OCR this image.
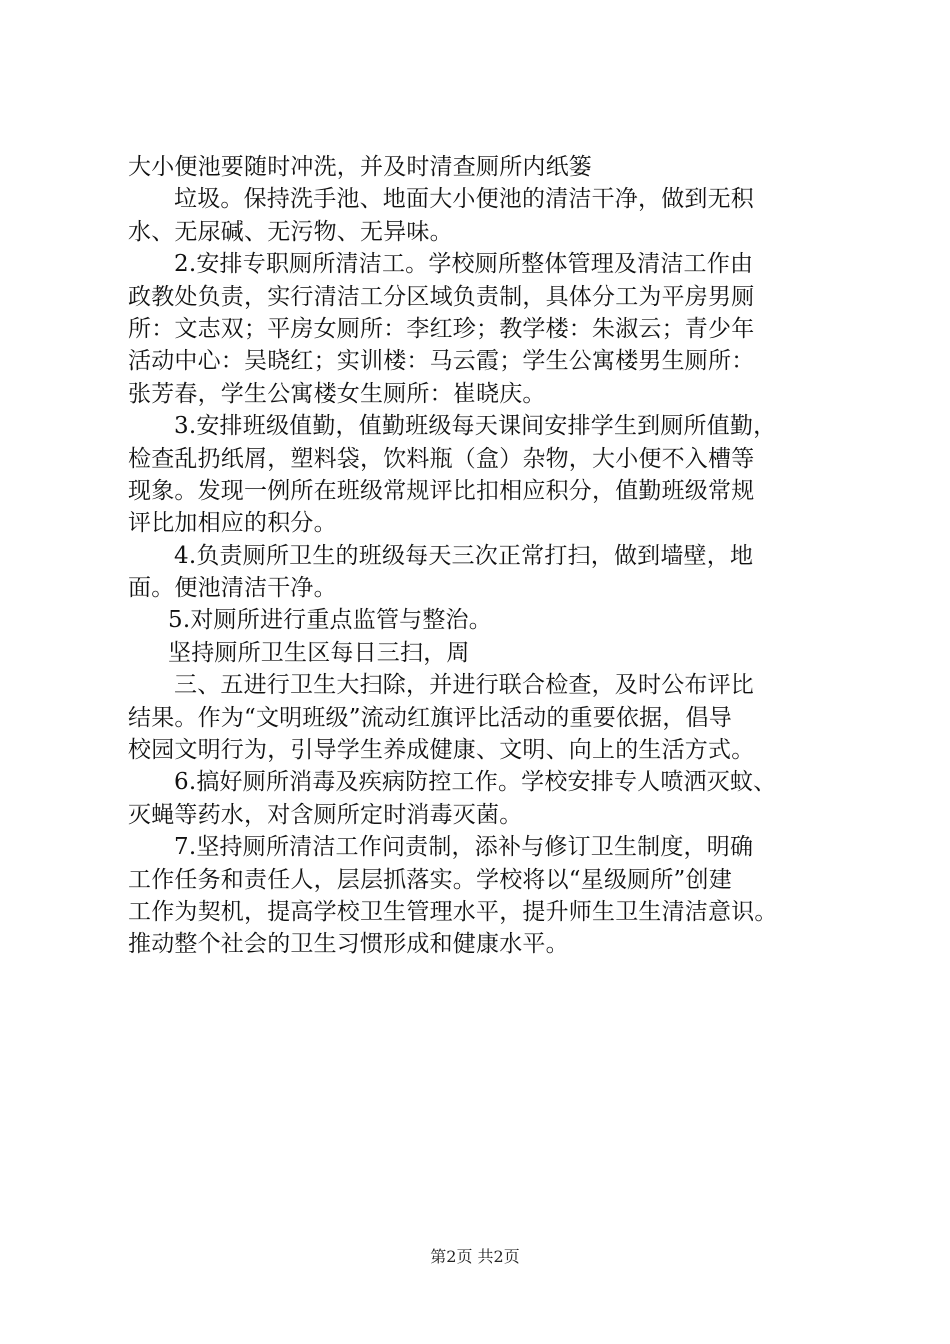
大小便池要随时冲洗，并及时清查厕所内纸篓
垃圾。保持洗手池、地面大小便池的清洁干净，做到无积
水、无尿碱、无污物、无异味。
2.安排专职厕所清洁工。学校厕所整体管理及清洁工作由
政教处负责，实行清洁工分区域负责制，具体分工为平房男厕
所：文志双；平房女厕所：李红珍；教学楼：朱淑云；青少年
活动中心：吴晓红；实训楼：马云霞；学生公寓楼男生厕所：
张芳春，学生公寓楼女生厕所：崔晓庆。
3.安排班级值勤，值勤班级每天课间安排学生到厕所值勤，
检查乱扔纸屑，塑料袋，饮料瓶（盒）杂物，大小便不入槽等
现象。发现一例所在班级常规评比扣相应积分，值勤班级常规
评比加相应的积分。
4.负责厕所卫生的班级每天三次正常打扫，做到墙壁，地
面。便池清洁干净。
5.对厕所进行重点监管与整治。
坚持厕所卫生区每日三扫，周
三、五进行卫生大扫除，并进行联合检查，及时公布评比
结果。作为“文明班级”流动红旗评比活动的重要依据，倡导
校园文明行为，引导学生养成健康、文明、向上的生活方式。
6.搞好厕所消毒及疾病防控工作。学校安排专人喷洒灭蚊、
灭蝇等药水，对含厕所定时消毒灭菌。
7.坚持厕所清洁工作问责制，添补与修订卫生制度，明确
工作任务和责任人，层层抓落实。学校将以“星级厕所”创建
工作为契机，提高学校卫生管理水平，提升师生卫生清洁意识。
推动整个社会的卫生习惯形成和健康水平。
第2页 共2页
